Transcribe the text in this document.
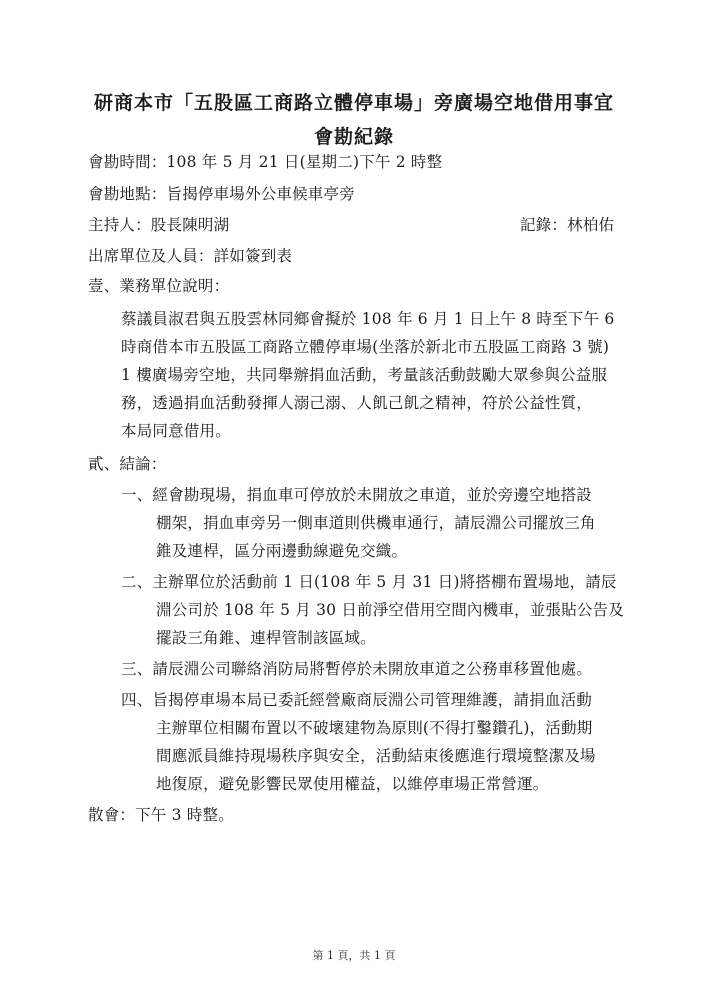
研商本市「五股區工商路立體停車場」旁廣場空地借用事宜
會勘紀錄
會勘時間：108 年 5 月 21 日(星期二)下午 2 時整
會勘地點：旨揭停車場外公車候車亭旁
主持人：股長陳明湖	記錄：林柏佑
出席單位及人員：詳如簽到表
壹、業務單位說明：
蔡議員淑君與五股雲林同鄉會擬於 108 年 6 月 1 日上午 8 時至下午 6
時商借本市五股區工商路立體停車場(坐落於新北市五股區工商路 3 號)
1 樓廣場旁空地，共同舉辦捐血活動，考量該活動鼓勵大眾參與公益服
務，透過捐血活動發揮人溺己溺、人飢己飢之精神，符於公益性質，
本局同意借用。
貳、結論：
一、經會勘現場，捐血車可停放於未開放之車道，並於旁邊空地搭設
棚架，捐血車旁另一側車道則供機車通行，請辰淵公司擺放三角
錐及連桿，區分兩邊動線避免交織。
二、主辦單位於活動前 1 日(108 年 5 月 31 日)將搭棚布置場地，請辰
淵公司於 108 年 5 月 30 日前淨空借用空間內機車，並張貼公告及
擺設三角錐、連桿管制該區域。
三、請辰淵公司聯絡消防局將暫停於未開放車道之公務車移置他處。
四、旨揭停車場本局已委託經營廠商辰淵公司管理維護，請捐血活動
主辦單位相關布置以不破壞建物為原則(不得打鑿鑽孔)，活動期
間應派員維持現場秩序與安全，活動結束後應進行環境整潔及場
地復原，避免影響民眾使用權益，以維停車場正常營運。
散會：下午 3 時整。
第 1 頁，共 1 頁
